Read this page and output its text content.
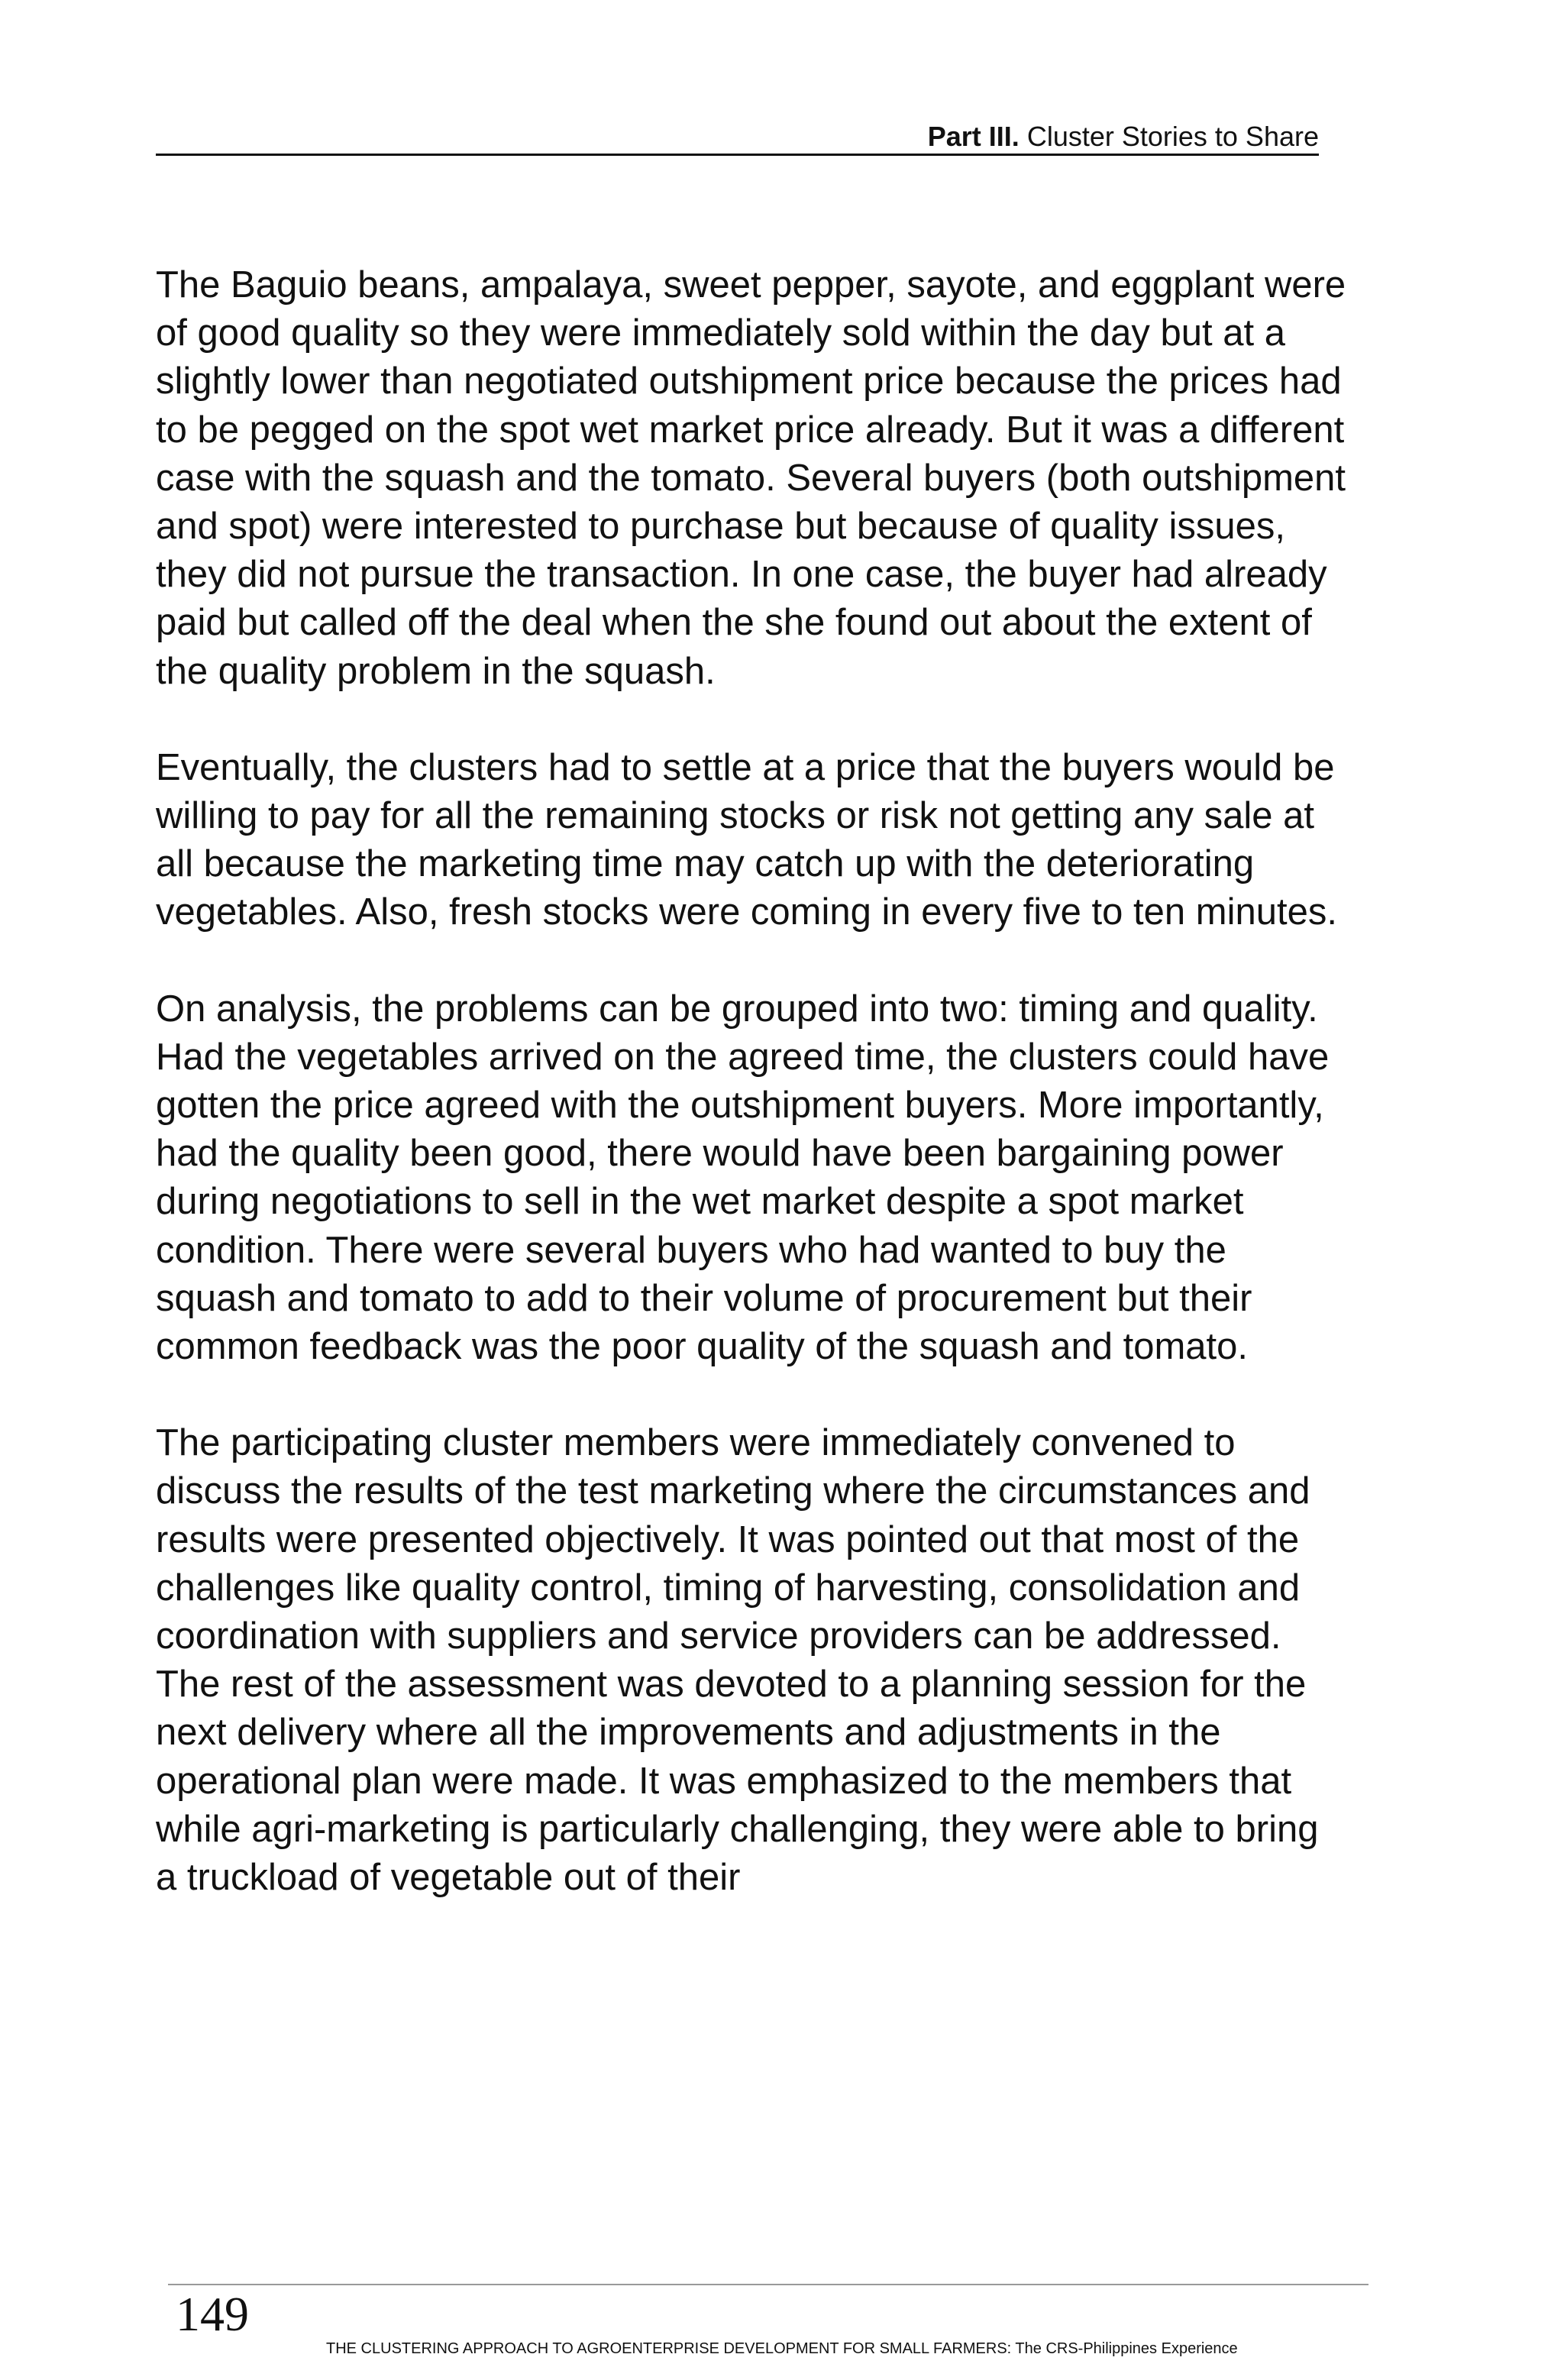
Part III. Cluster Stories to Share

The Baguio beans, ampalaya, sweet pepper, sayote, and eggplant were of good quality so they were immediately sold within the day but at a slightly lower than negotiated outshipment price because the prices had to be pegged on the spot wet market price already. But it was a different case with the squash and the tomato. Several buyers (both outshipment and spot) were interested to purchase but because of quality issues, they did not pursue the transaction. In one case, the buyer had already paid but called off the deal when the she found out about the extent of the quality problem in the squash.

Eventually, the clusters had to settle at a price that the buyers would be willing to pay for all the remaining stocks or risk not getting any sale at all because the marketing time may catch up with the deteriorating vegetables. Also, fresh stocks were coming in every five to ten minutes.

On analysis, the problems can be grouped into two: timing and quality. Had the vegetables arrived on the agreed time, the clusters could have gotten the price agreed with the outshipment buyers. More importantly, had the quality been good, there would have been bargaining power during negotiations to sell in the wet market despite a spot market condition. There were several buyers who had wanted to buy the squash and tomato to add to their volume of procurement but their common feedback was the poor quality of the squash and tomato.

The participating cluster members were immediately convened to discuss the results of the test marketing where the circumstances and results were presented objectively. It was pointed out that most of the challenges like quality control, timing of harvesting, consolidation and coordination with suppliers and service providers can be addressed. The rest of the assessment was devoted to a planning session for the next delivery where all the improvements and adjustments in the operational plan were made. It was emphasized to the members that while agri-marketing is particularly challenging, they were able to bring a truckload of vegetable out of their

149
THE CLUSTERING APPROACH TO AGROENTERPRISE DEVELOPMENT FOR SMALL FARMERS: The CRS-Philippines Experience
